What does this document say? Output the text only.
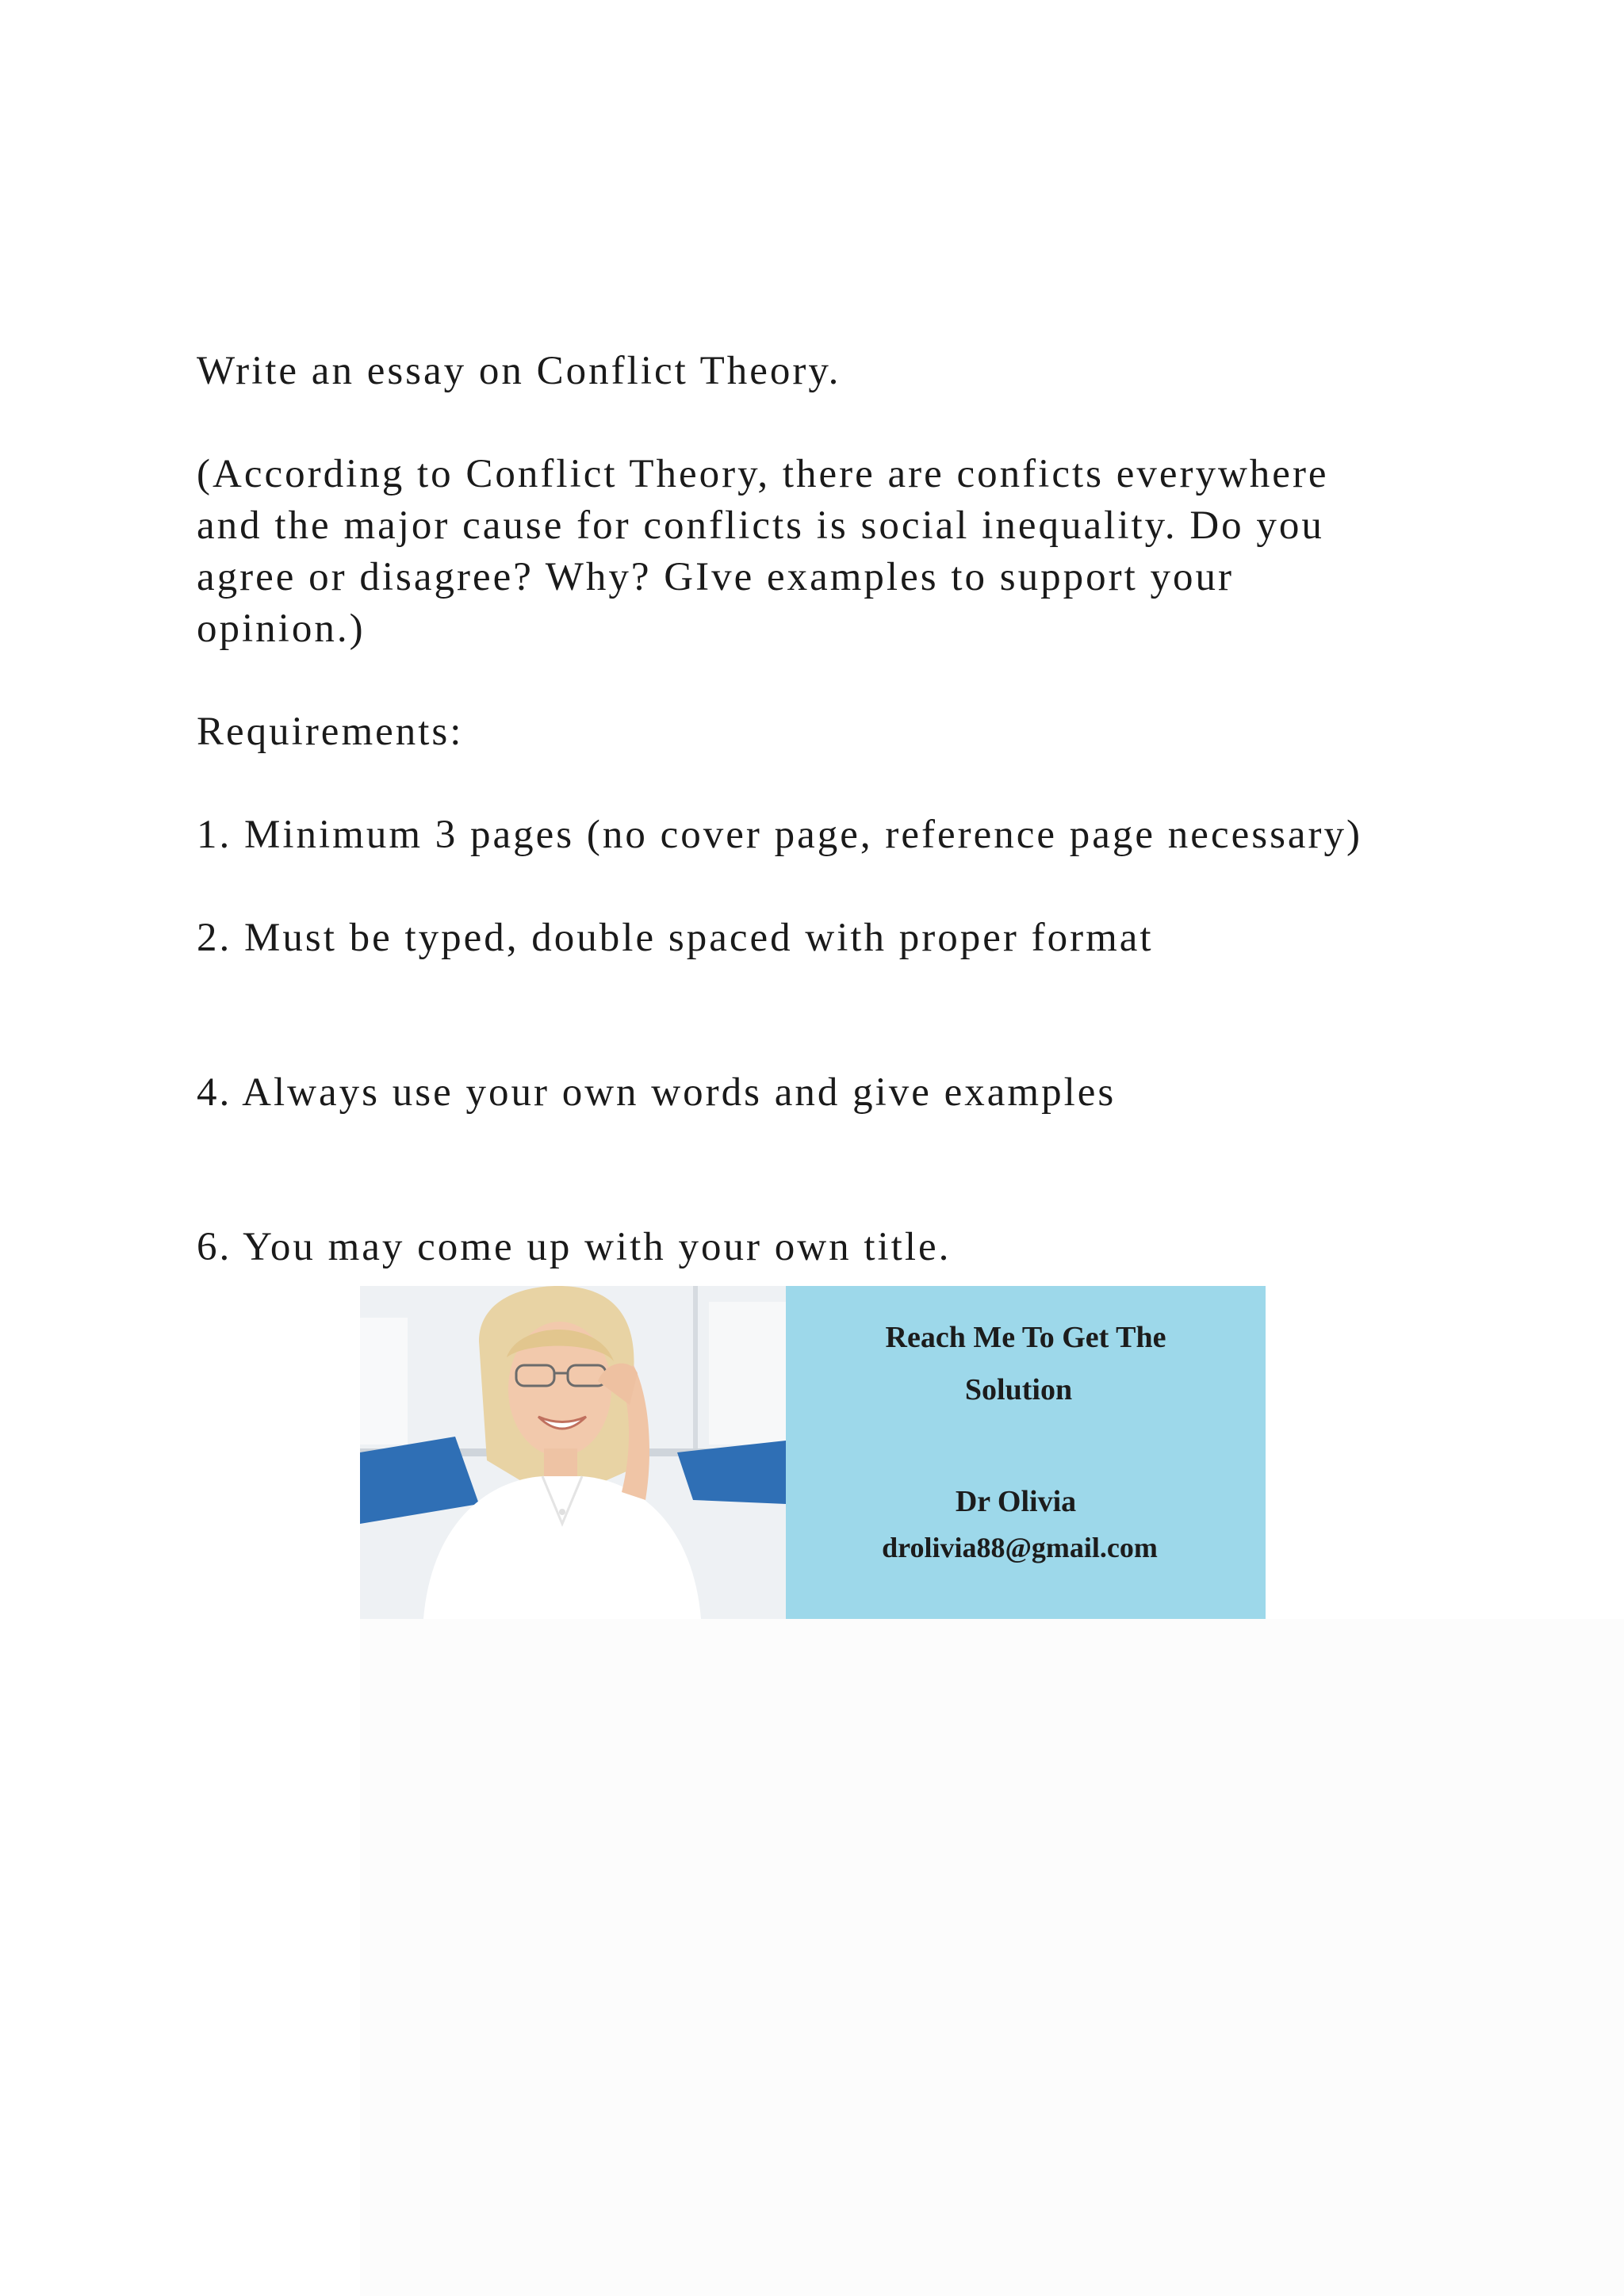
Write an essay on Conflict Theory.
(According to Conflict Theory, there are conficts everywhere
and the major cause for conflicts is social inequality. Do you
agree or disagree? Why? GIve examples to support your
opinion.)
Requirements:
1. Minimum 3 pages (no cover page, reference page necessary)
2. Must be typed, double spaced with proper format
4. Always use your own words and give examples
6. You may come up with your own title.
Reach Me To Get The
Solution
Dr Olivia
drolivia88@gmail.com
